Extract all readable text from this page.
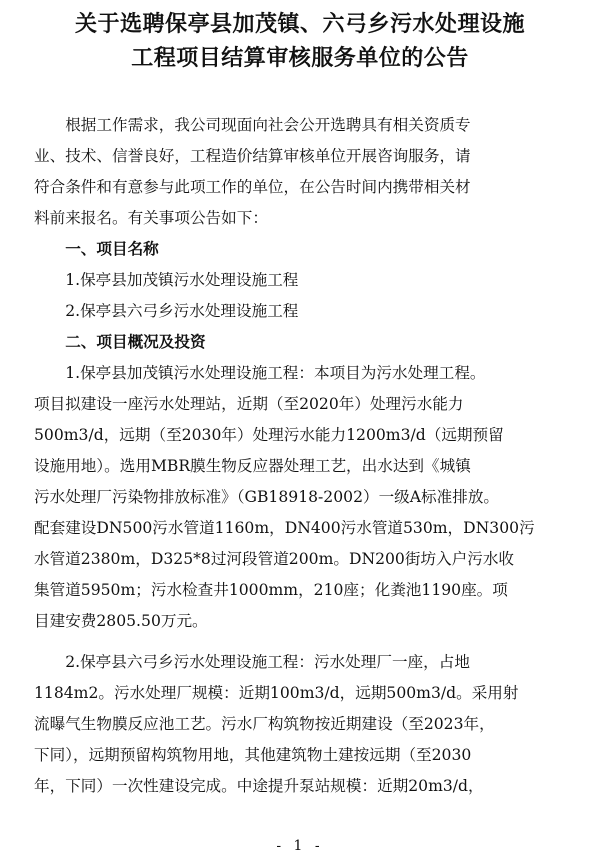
关于选聘保亭县加茂镇、六弓乡污水处理设施
工程项目结算审核服务单位的公告
　　根据工作需求，我公司现面向社会公开选聘具有相关资质专
业、技术、信誉良好，工程造价结算审核单位开展咨询服务，请
符合条件和有意参与此项工作的单位，在公告时间内携带相关材
料前来报名。有关事项公告如下：
　　一、项目名称
　　1.保亭县加茂镇污水处理设施工程
　　2.保亭县六弓乡污水处理设施工程
　　二、项目概况及投资
　　1.保亭县加茂镇污水处理设施工程：本项目为污水处理工程。
项目拟建设一座污水处理站，近期（至2020年）处理污水能力
500m3/d，远期（至2030年）处理污水能力1200m3/d（远期预留
设施用地）。选用MBR膜生物反应器处理工艺，出水达到《城镇
污水处理厂污染物排放标准》（GB18918-2002）一级A标准排放。
配套建设DN500污水管道1160m，DN400污水管道530m，DN300污
水管道2380m，D325*8过河段管道200m。DN200街坊入户污水收
集管道5950m；污水检查井1000mm，210座；化粪池1190座。项
目建安费2805.50万元。
　　2.保亭县六弓乡污水处理设施工程：污水处理厂一座，占地
1184m2。污水处理厂规模：近期100m3/d，远期500m3/d。采用射
流曝气生物膜反应池工艺。污水厂构筑物按近期建设（至2023年，
下同），远期预留构筑物用地，其他建筑物土建按远期（至2030
年，下同）一次性建设完成。中途提升泵站规模：近期20m3/d，
- 1 -
